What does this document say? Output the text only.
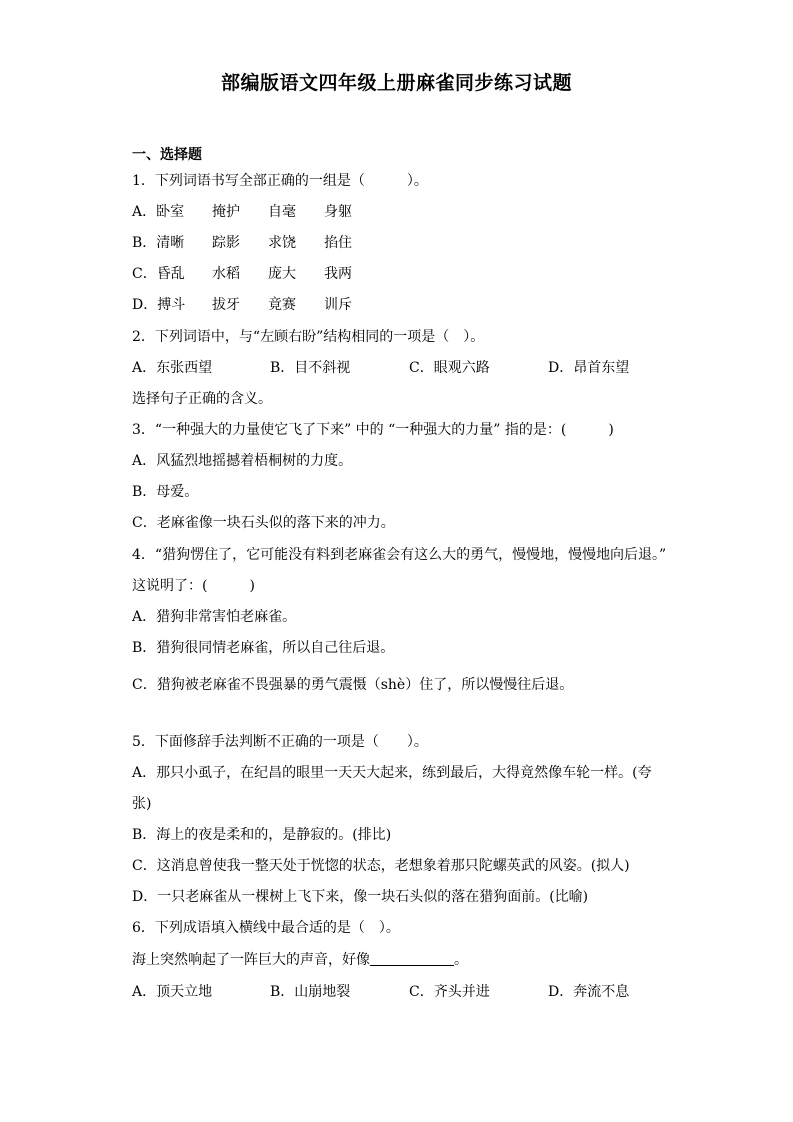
部编版语文四年级上册麻雀同步练习试题
一、选择题
1．下列词语书写全部正确的一组是（　　　）。
A．卧室 掩护 自毫 身躯
B．清晰 踪影 求饶 掐住
C．昏乱 水稻 庞大 我两
D．搏斗 拔牙 竟赛 训斥
2．下列词语中，与“左顾右盼”结构相同的一项是（　）。
A．东张西望	B．目不斜视	C．眼观六路	D．昂首东望
选择句子正确的含义。
3．“一种强大的力量使它飞了下来” 中的 “一种强大的力量” 指的是：(　　　)
A．风猛烈地摇撼着梧桐树的力度。
B．母爱。
C．老麻雀像一块石头似的落下来的冲力。
4．“猎狗愣住了，它可能没有料到老麻雀会有这么大的勇气，慢慢地，慢慢地向后退。”
这说明了：(　　　)
A．猎狗非常害怕老麻雀。
B．猎狗很同情老麻雀，所以自己往后退。
C．猎狗被老麻雀不畏强暴的勇气震慑（shè）住了，所以慢慢往后退。
5．下面修辞手法判断不正确的一项是（　　）。
A．那只小虱子，在纪昌的眼里一天天大起来，练到最后，大得竟然像车轮一样。(夸
张)
B．海上的夜是柔和的，是静寂的。(排比)
C．这消息曾使我一整天处于恍惚的状态，老想象着那只陀螺英武的风姿。(拟人)
D．一只老麻雀从一棵树上飞下来，像一块石头似的落在猎狗面前。(比喻)
6．下列成语填入横线中最合适的是（　）。
海上突然响起了一阵巨大的声音，好像	。
A．顶天立地	B．山崩地裂	C．齐头并进	D．奔流不息
